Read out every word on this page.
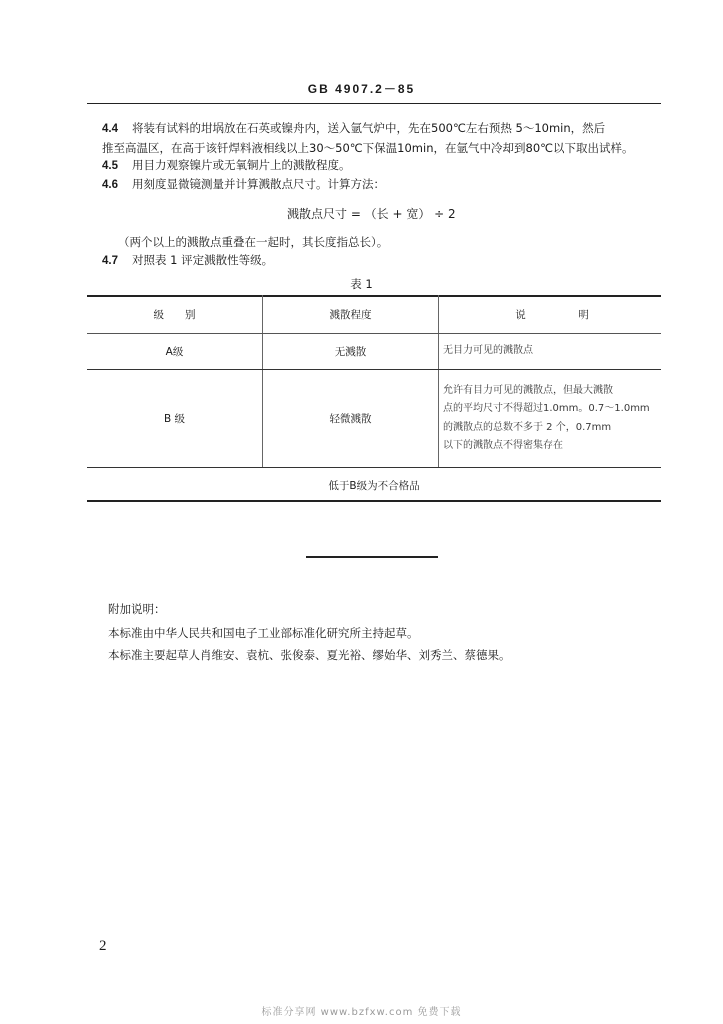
GB 4907.2－85
4.4 将装有试料的坩埚放在石英或镍舟内，送入氩气炉中，先在500℃左右预热 5～10min，然后
推至高温区，在高于该钎焊料液相线以上30～50℃下保温10min，在氩气中冷却到80℃以下取出试样。
4.5 用目力观察镍片或无氧铜片上的溅散程度。
4.6 用刻度显微镜测量并计算溅散点尺寸。计算方法：
溅散点尺寸 = （长 + 宽） ÷ 2
（两个以上的溅散点重叠在一起时，其长度指总长）。
4.7 对照表 1 评定溅散性等级。
表 1
级　　别	溅散程度	说　　　　　明
A级	无溅散	无目力可见的溅散点

B 级	轻微溅散	允许有目力可见的溅散点，但最大溅散
点的平均尺寸不得超过1.0mm。0.7～1.0mm
的溅散点的总数不多于 2 个，0.7mm
以下的溅散点不得密集存在

低于B级为不合格品		
附加说明：
本标准由中华人民共和国电子工业部标准化研究所主持起草。
本标准主要起草人肖维安、袁杭、张俊泰、夏光裕、缪始华、刘秀兰、蔡德果。
2
标准分享网 www.bzfxw.com 免费下载
